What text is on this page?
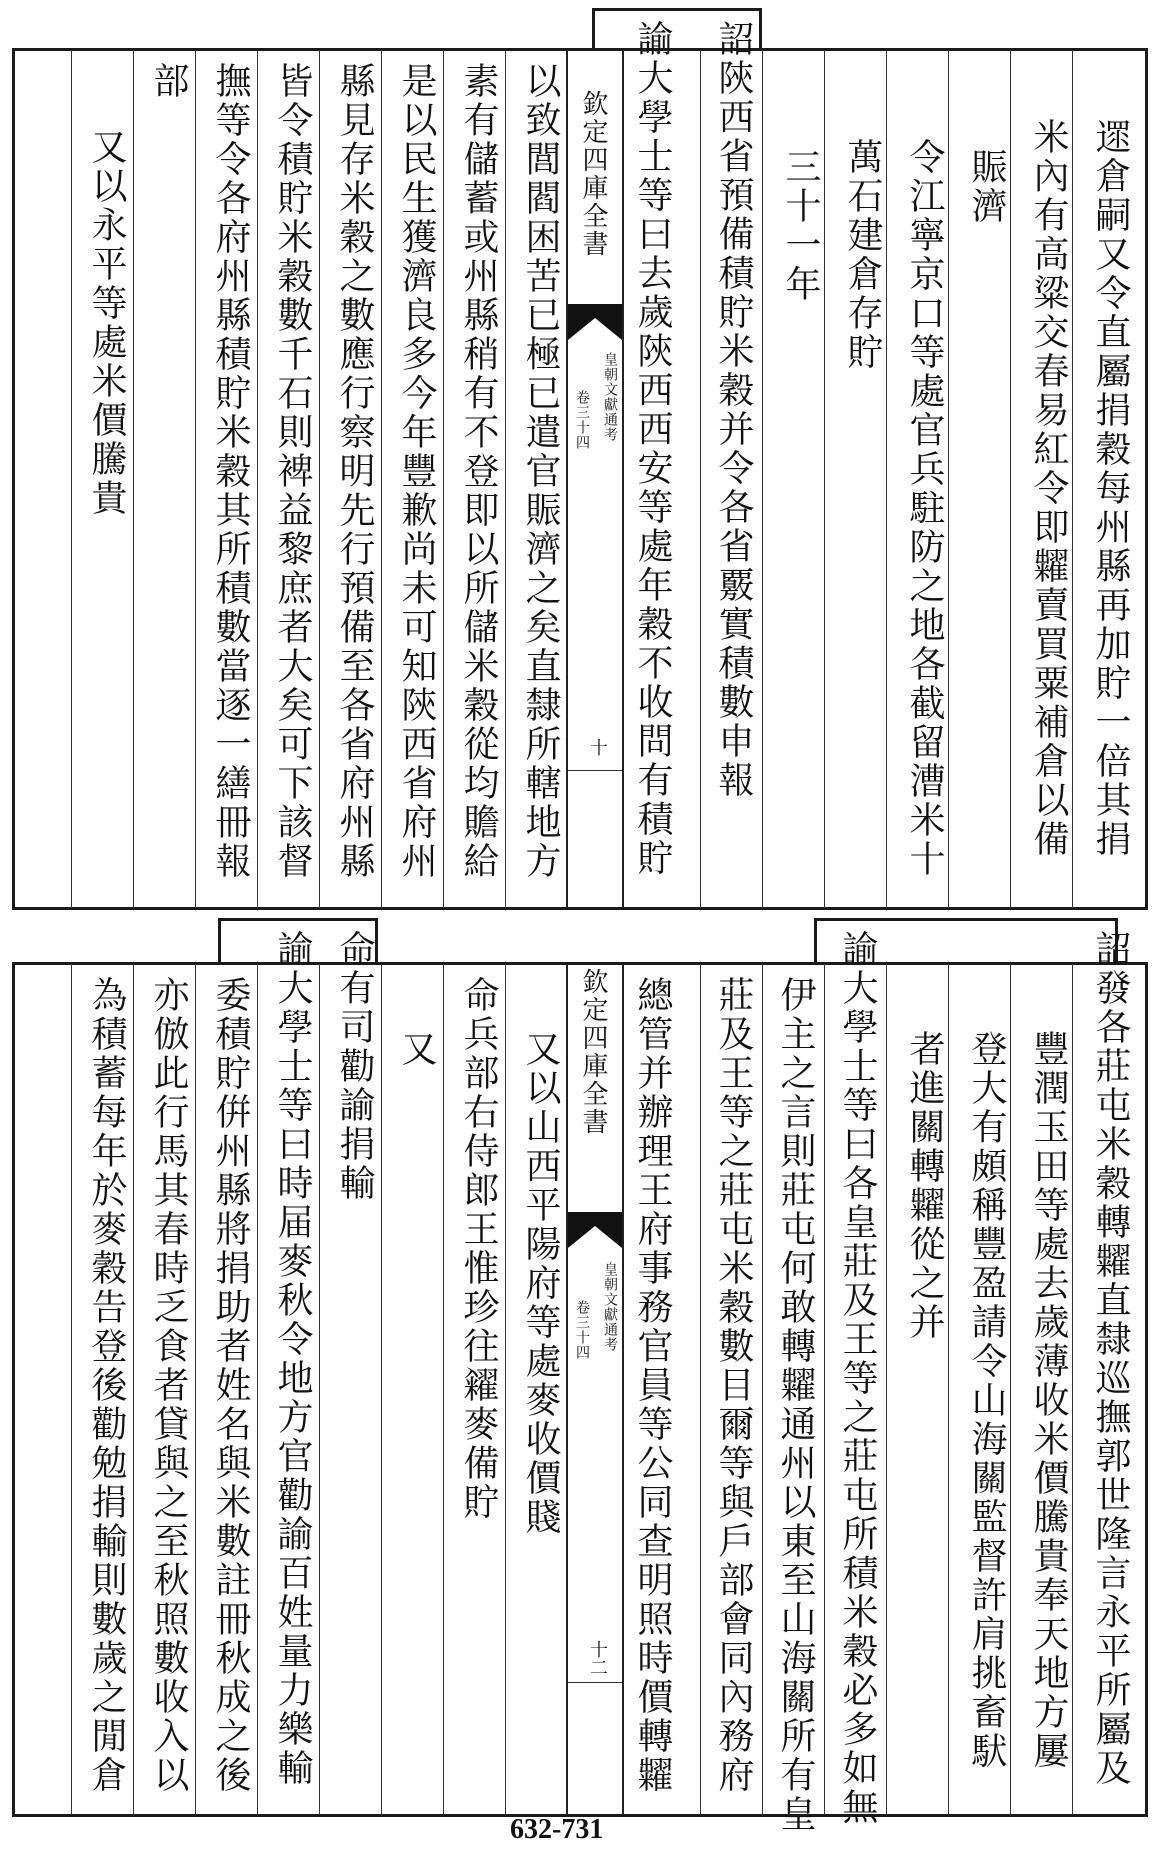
欽定四庫全書
皇朝文獻通考
卷三十四
十	遝倉嗣又令直屬捐穀每州縣再加貯一倍其捐
米內有高粱交春易紅令即糶賣買粟補倉以備
賑濟
令江寧京口等處官兵駐防之地各截留漕米十
萬石建倉存貯
三十一年
詔陝西省預備積貯米穀并令各省覈實積數申報
諭大學士等曰去歲陝西西安等處年穀不收問有積貯
以致閭閻困苦已極已遣官賑濟之矣直隸所轄地方
素有儲蓄或州縣稍有不登即以所儲米穀從均贍給
是以民生獲濟良多今年豐歉尚未可知陝西省府州
縣見存米穀之數應行察明先行預備至各省府州縣
皆令積貯米穀數千石則裨益黎庶者大矣可下該督
撫等令各府州縣積貯米穀其所積數當逐一繕冊報
部
又以永平等處米價騰貴
欽定四庫全書
皇朝文獻通考
卷三十四
十二	詔發各莊屯米穀轉糶直隸巡撫郭世隆言永平所屬及
豐潤玉田等處去歲薄收米價騰貴奉天地方屢
登大有頗稱豐盈請令山海關監督許肩挑畜䭾
者進關轉糶從之并
諭大學士等曰各皇莊及王等之莊屯所積米穀必多如無
伊主之言則莊屯何敢轉糶通州以東至山海關所有皇
莊及王等之莊屯米穀數目爾等與戶部會同內務府
總管并辦理王府事務官員等公同查明照時價轉糶
又以山西平陽府等處麥收價賤
命兵部右侍郎王惟珍往糴麥備貯
又
命有司勸諭捐輸
諭大學士等曰時届麥秋令地方官勸諭百姓量力樂輸
委積貯倂州縣將捐助者姓名與米數註冊秋成之後
亦倣此行馬其春時乏食者貸與之至秋照數收入以
為積蓄每年於麥穀告登後勸勉捐輸則數歲之閒倉
632-731
